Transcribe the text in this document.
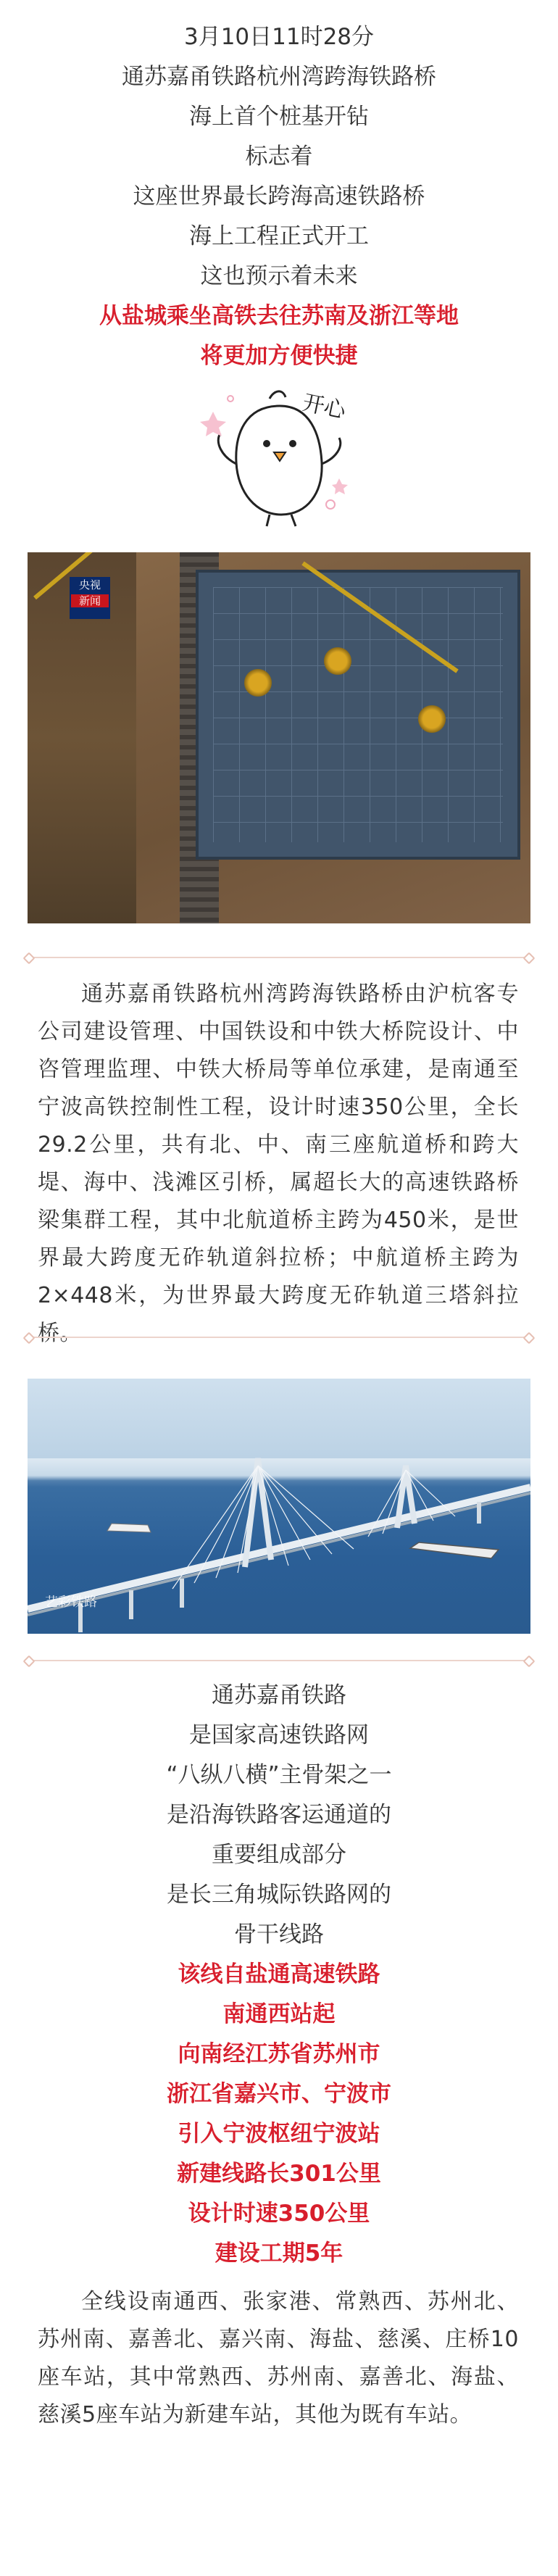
3月10日11时28分
通苏嘉甬铁路杭州湾跨海铁路桥
海上首个桩基开钻
标志着
这座世界最长跨海高速铁路桥
海上工程正式开工
这也预示着未来
从盐城乘坐高铁去往苏南及浙江等地
将更加方便快捷
开心
央视
新闻

通苏嘉甬铁路杭州湾跨海铁路桥由沪杭客专公司建设管理、中国铁设和中铁大桥院设计、中咨管理监理、中铁大桥局等单位承建，是南通至宁波高铁控制性工程，设计时速350公里，全长29.2公里，共有北、中、南三座航道桥和跨大堤、海中、浅滩区引桥，属超长大的高速铁路桥梁集群工程，其中北航道桥主跨为450米，是世界最大跨度无砟轨道斜拉桥；中航道桥主跨为2×448米，为世界最大跨度无砟轨道三塔斜拉桥。

艺彩铁路
通苏嘉甬铁路
是国家高速铁路网
“八纵八横”主骨架之一
是沿海铁路客运通道的
重要组成部分
是长三角城际铁路网的
骨干线路
该线自盐通高速铁路
南通西站起
向南经江苏省苏州市
浙江省嘉兴市、宁波市
引入宁波枢纽宁波站
新建线路长301公里
设计时速350公里
建设工期5年

全线设南通西、张家港、常熟西、苏州北、苏州南、嘉善北、嘉兴南、海盐、慈溪、庄桥10座车站，其中常熟西、苏州南、嘉善北、海盐、慈溪5座车站为新建车站，其他为既有车站。
